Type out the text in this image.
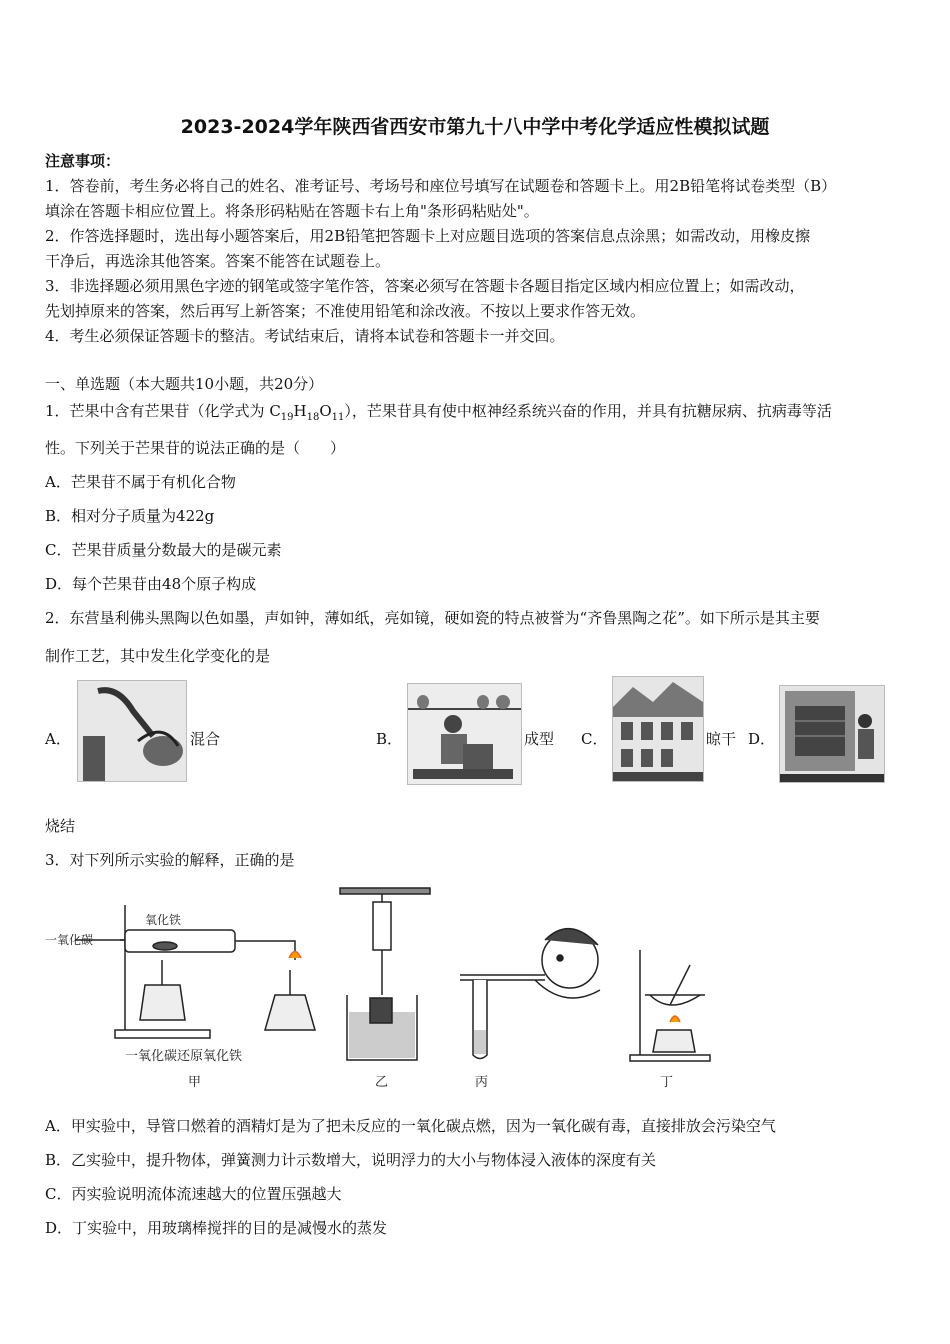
2023-2024学年陕西省西安市第九十八中学中考化学适应性模拟试题
注意事项：
1．答卷前，考生务必将自己的姓名、准考证号、考场号和座位号填写在试题卷和答题卡上。用2B铅笔将试卷类型（B）
填涂在答题卡相应位置上。将条形码粘贴在答题卡右上角"条形码粘贴处"。
2．作答选择题时，选出每小题答案后，用2B铅笔把答题卡上对应题目选项的答案信息点涂黑；如需改动，用橡皮擦
干净后，再选涂其他答案。答案不能答在试题卷上。
3．非选择题必须用黑色字迹的钢笔或签字笔作答，答案必须写在答题卡各题目指定区域内相应位置上；如需改动，
先划掉原来的答案，然后再写上新答案；不准使用铅笔和涂改液。不按以上要求作答无效。
4．考生必须保证答题卡的整洁。考试结束后，请将本试卷和答题卡一并交回。
一、单选题（本大题共10小题，共20分）
1．芒果中含有芒果苷（化学式为 $C_{19}H_{18}O_{11}$），芒果苷具有使中枢神经系统兴奋的作用，并具有抗糖尿病、抗病毒等活
性。下列关于芒果苷的说法正确的是（　　）
A．芒果苷不属于有机化合物
B．相对分子质量为422g
C．芒果苷质量分数最大的是碳元素
D．每个芒果苷由48个原子构成
2．东营垦利佛头黑陶以色如墨，声如钟，薄如纸，亮如镜，硬如瓷的特点被誉为“齐鲁黑陶之花”。如下所示是其主要
制作工艺，其中发生化学变化的是
A．	混合	B．	成型 C．	晾干 D．
烧结
3．对下列所示实验的解释，正确的是
一氧化碳
氧化铁
一氧化碳还原氧化铁
甲	乙	丙	丁
A．甲实验中，导管口燃着的酒精灯是为了把未反应的一氧化碳点燃，因为一氧化碳有毒，直接排放会污染空气
B．乙实验中，提升物体，弹簧测力计示数增大，说明浮力的大小与物体浸入液体的深度有关
C．丙实验说明流体流速越大的位置压强越大
D．丁实验中，用玻璃棒搅拌的目的是减慢水的蒸发
